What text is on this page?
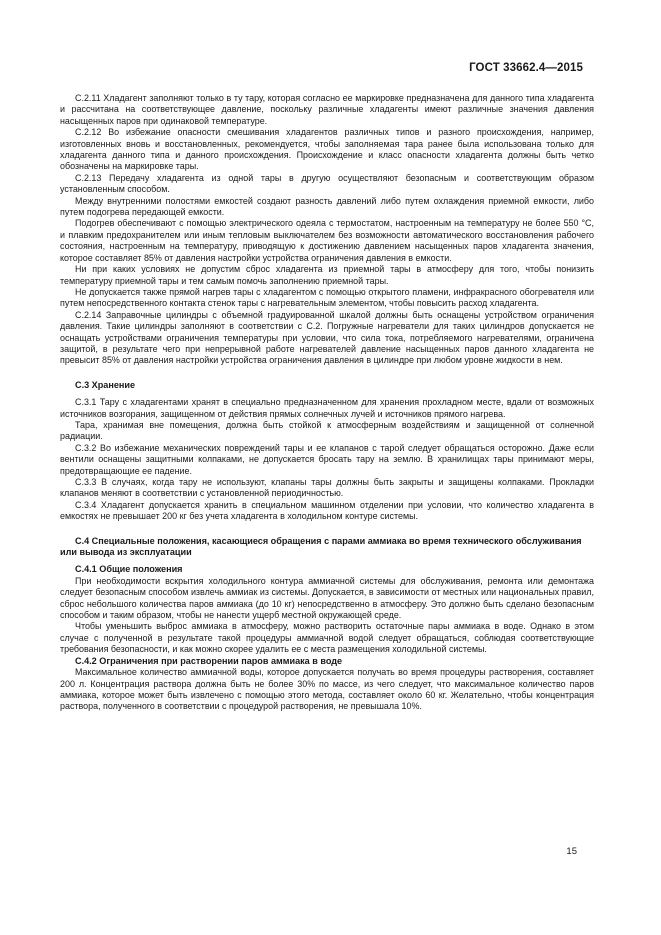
ГОСТ 33662.4—2015

С.2.11 Хладагент заполняют только в ту тару, которая согласно ее маркировке предназначена для данного типа хладагента и рассчитана на соответствующее давление, поскольку различные хладагенты имеют различные значения давления насыщенных паров при одинаковой температуре.

С.2.12 Во избежание опасности смешивания хладагентов различных типов и разного происхождения, например, изготовленных вновь и восстановленных, рекомендуется, чтобы заполняемая тара ранее была использована только для хладагента данного типа и данного происхождения. Происхождение и класс опасности хладагента должны быть четко обозначены на маркировке тары.

С.2.13 Передачу хладагента из одной тары в другую осуществляют безопасным и соответствующим образом установленным способом.

Между внутренними полостями емкостей создают разность давлений либо путем охлаждения приемной емкости, либо путем подогрева передающей емкости.

Подогрев обеспечивают с помощью электрического одеяла с термостатом, настроенным на температуру не более 550 °С, и плавким предохранителем или иным тепловым выключателем без возможности автоматического восстановления рабочего состояния, настроенным на температуру, приводящую к достижению давлением насыщенных паров хладагента значения, которое составляет 85% от давления настройки устройства ограничения давления в емкости.

Ни при каких условиях не допустим сброс хладагента из приемной тары в атмосферу для того, чтобы понизить температуру приемной тары и тем самым помочь заполнению приемной тары.

Не допускается также прямой нагрев тары с хладагентом с помощью открытого пламени, инфракрасного обогревателя или путем непосредственного контакта стенок тары с нагревательным элементом, чтобы повысить расход хладагента.

С.2.14 Заправочные цилиндры с объемной градуированной шкалой должны быть оснащены устройством ограничения давления. Такие цилиндры заполняют в соответствии с С.2. Погружные нагреватели для таких цилиндров допускается не оснащать устройствами ограничения температуры при условии, что сила тока, потребляемого нагревателями, ограничена защитой, в результате чего при непрерывной работе нагревателей давление насыщенных паров данного хладагента не превысит 85% от давления настройки устройства ограничения давления в цилиндре при любом уровне жидкости в нем.

С.3 Хранение

С.3.1 Тару с хладагентами хранят в специально предназначенном для хранения прохладном месте, вдали от возможных источников возгорания, защищенном от действия прямых солнечных лучей и источников прямого нагрева.

Тара, хранимая вне помещения, должна быть стойкой к атмосферным воздействиям и защищенной от солнечной радиации.

С.3.2 Во избежание механических повреждений тары и ее клапанов с тарой следует обращаться осторожно. Даже если вентили оснащены защитными колпаками, не допускается бросать тару на землю. В хранилищах тары принимают меры, предотвращающие ее падение.

С.3.3 В случаях, когда тару не используют, клапаны тары должны быть закрыты и защищены колпаками. Прокладки клапанов меняют в соответствии с установленной периодичностью.

С.3.4 Хладагент допускается хранить в специальном машинном отделении при условии, что количество хладагента в емкостях не превышает 200 кг без учета хладагента в холодильном контуре системы.

С.4 Специальные положения, касающиеся обращения с парами аммиака во время технического обслуживания или вывода из эксплуатации
С.4.1 Общие положения

При необходимости вскрытия холодильного контура аммиачной системы для обслуживания, ремонта или демонтажа следует безопасным способом извлечь аммиак из системы. Допускается, в зависимости от местных или национальных правил, сброс небольшого количества паров аммиака (до 10 кг) непосредственно в атмосферу. Это должно быть сделано безопасным способом и таким образом, чтобы не нанести ущерб местной окружающей среде.

Чтобы уменьшить выброс аммиака в атмосферу, можно растворить остаточные пары аммиака в воде. Однако в этом случае с полученной в результате такой процедуры аммиачной водой следует обращаться, соблюдая соответствующие требования безопасности, и как можно скорее удалить ее с места размещения холодильной системы.

С.4.2 Ограничения при растворении паров аммиака в воде

Максимальное количество аммиачной воды, которое допускается получать во время процедуры растворения, составляет 200 л. Концентрация раствора должна быть не более 30% по массе, из чего следует, что максимальное количество паров аммиака, которое может быть извлечено с помощью этого метода, составляет около 60 кг. Желательно, чтобы концентрация раствора, полученного в соответствии с процедурой растворения, не превышала 10%.

15
